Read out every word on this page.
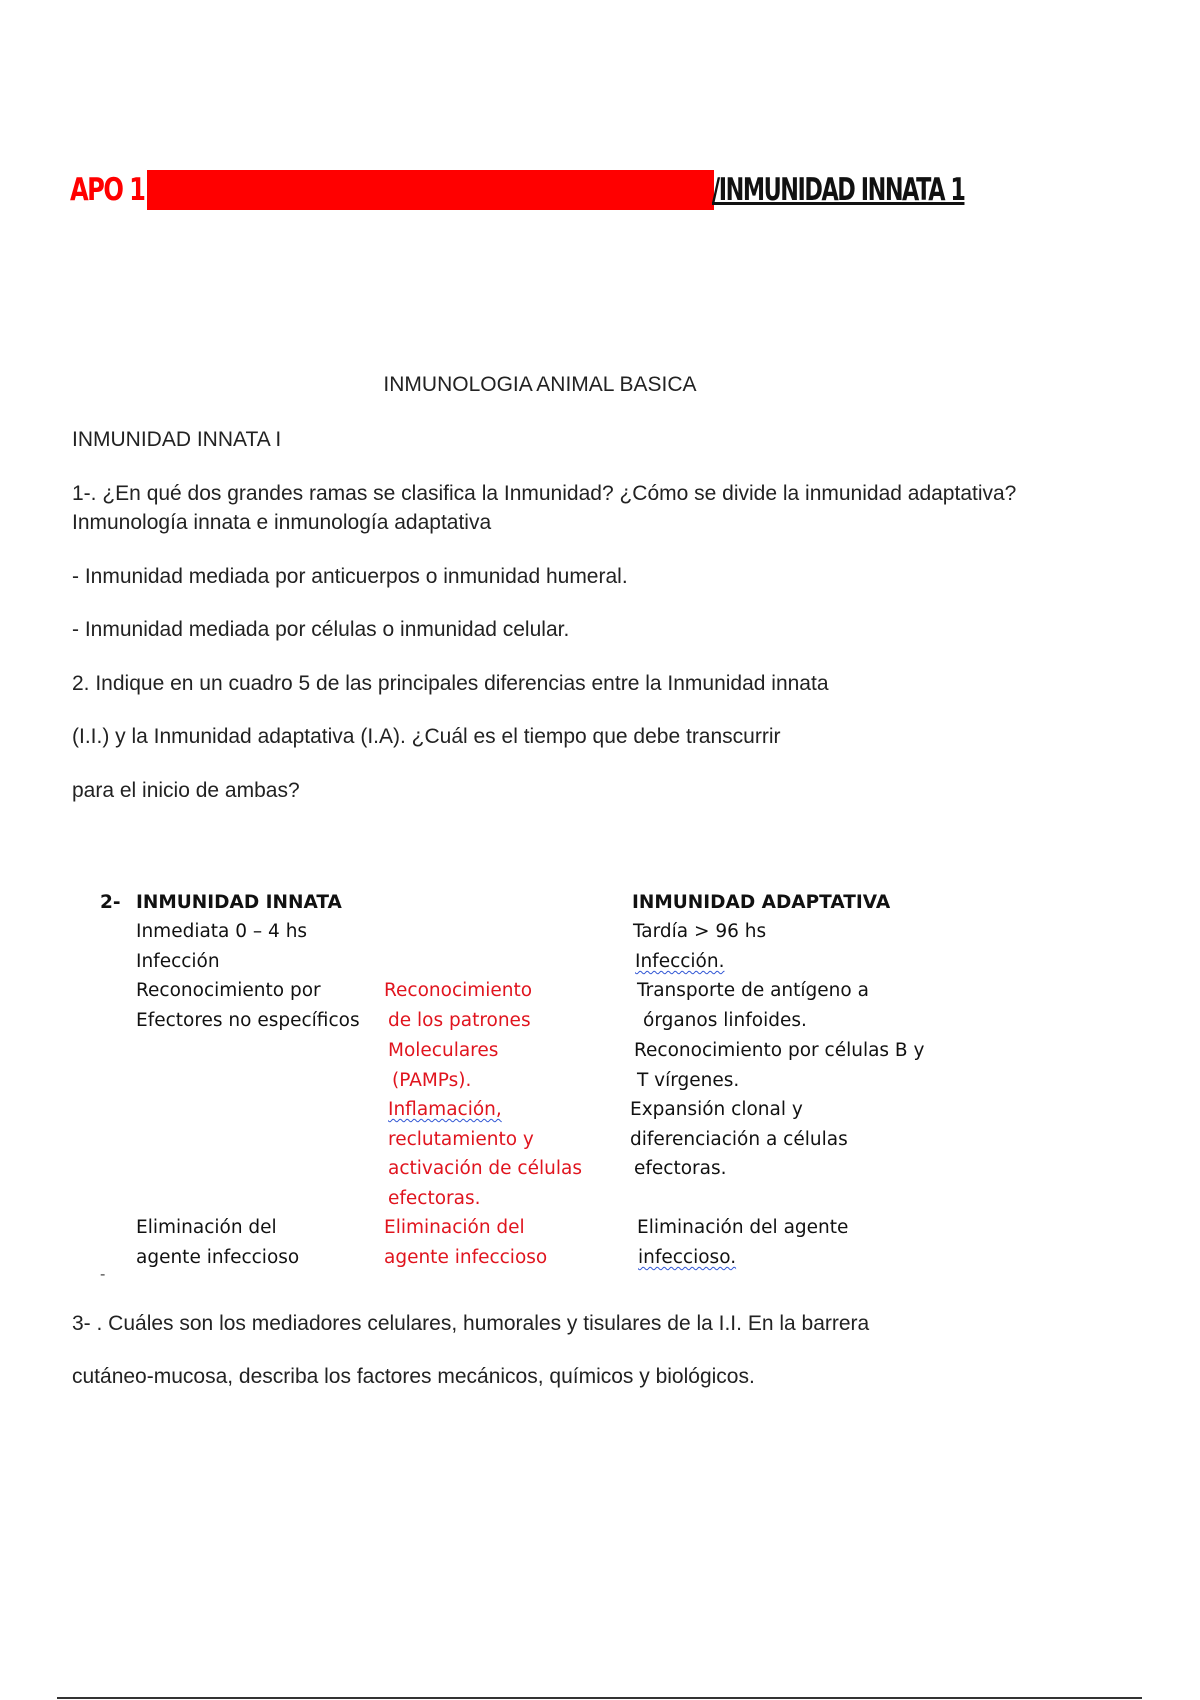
APO 1	/INMUNIDAD INNATA 1
INMUNOLOGIA ANIMAL BASICA
INMUNIDAD INNATA I
1-. ¿En qué dos grandes ramas se clasifica la Inmunidad? ¿Cómo se divide la inmunidad adaptativa?
Inmunología innata e inmunología adaptativa
- Inmunidad mediada por anticuerpos o inmunidad humeral.
- Inmunidad mediada por células o inmunidad celular.
2. Indique en un cuadro 5 de las principales diferencias entre la Inmunidad innata
(I.I.) y la Inmunidad adaptativa (I.A). ¿Cuál es el tiempo que debe transcurrir
para el inicio de ambas?
2- INMUNIDAD INNATA	INMUNIDAD ADAPTATIVA
Inmediata 0 – 4 hs
Infección
Reconocimiento por
Efectores no específicos
Eliminación del
agente infeccioso
Reconocimiento
de los patrones
Moleculares
(PAMPs).
Inflamación,
reclutamiento y
activación de células
efectoras.
Eliminación del
agente infeccioso
Tardía > 96 hs
Infección.
Transporte de antígeno a
órganos linfoides.
Reconocimiento por células B y
T vírgenes.
Expansión clonal y
diferenciación a células
efectoras.
Eliminación del agente
infeccioso.
-
3- . Cuáles son los mediadores celulares, humorales y tisulares de la I.I. En la barrera
cutáneo-mucosa, describa los factores mecánicos, químicos y biológicos.
